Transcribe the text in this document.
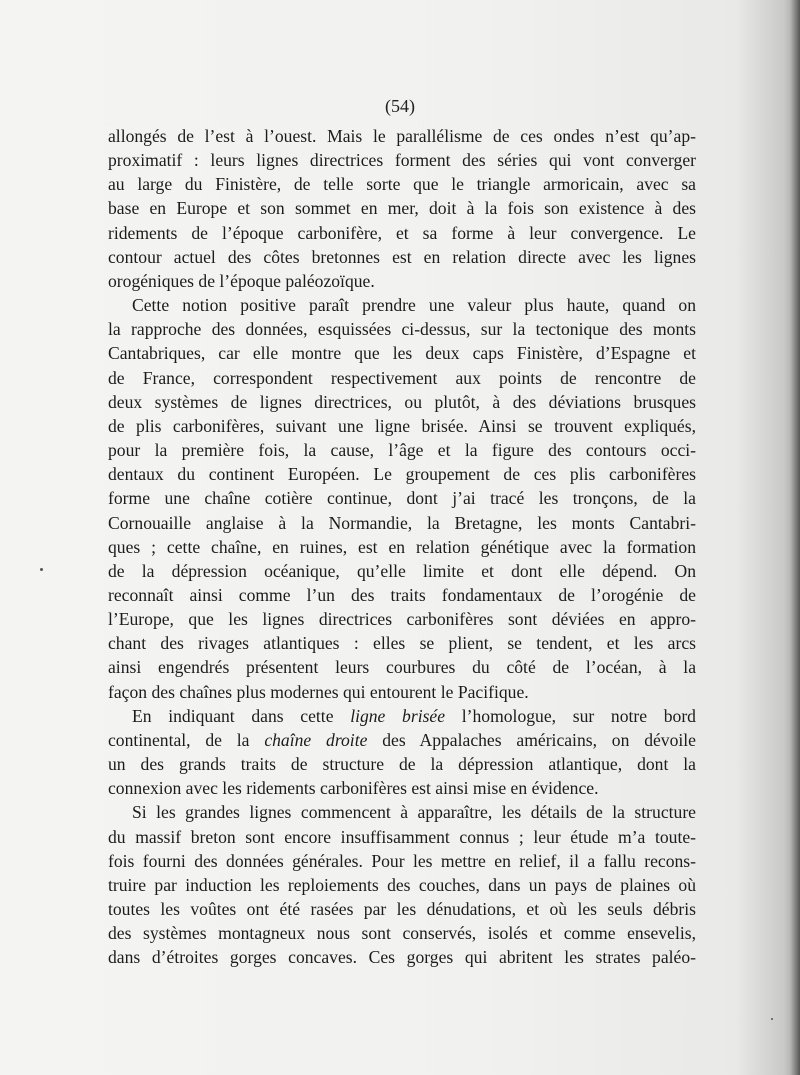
(54)

allongés de l’est à l’ouest. Mais le parallélisme de ces ondes n’est qu’ap-
proximatif : leurs lignes directrices forment des séries qui vont converger
au large du Finistère, de telle sorte que le triangle armoricain, avec sa
base en Europe et son sommet en mer, doit à la fois son existence à des
ridements de l’époque carbonifère, et sa forme à leur convergence. Le
contour actuel des côtes bretonnes est en relation directe avec les lignes
orogéniques de l’époque paléozoïque.

Cette notion positive paraît prendre une valeur plus haute, quand on
la rapproche des données, esquissées ci-dessus, sur la tectonique des monts
Cantabriques, car elle montre que les deux caps Finistère, d’Espagne et
de France, correspondent respectivement aux points de rencontre de
deux systèmes de lignes directrices, ou plutôt, à des déviations brusques
de plis carbonifères, suivant une ligne brisée. Ainsi se trouvent expliqués,
pour la première fois, la cause, l’âge et la figure des contours occi-
dentaux du continent Européen. Le groupement de ces plis carbonifères
forme une chaîne cotière continue, dont j’ai tracé les tronçons, de la
Cornouaille anglaise à la Normandie, la Bretagne, les monts Cantabri-
ques ; cette chaîne, en ruines, est en relation génétique avec la formation
de la dépression océanique, qu’elle limite et dont elle dépend. On
reconnaît ainsi comme l’un des traits fondamentaux de l’orogénie de
l’Europe, que les lignes directrices carbonifères sont déviées en appro-
chant des rivages atlantiques : elles se plient, se tendent, et les arcs
ainsi engendrés présentent leurs courbures du côté de l’océan, à la
façon des chaînes plus modernes qui entourent le Pacifique.

En indiquant dans cette ligne brisée l’homologue, sur notre bord
continental, de la chaîne droite des Appalaches américains, on dévoile
un des grands traits de structure de la dépression atlantique, dont la
connexion avec les ridements carbonifères est ainsi mise en évidence.

Si les grandes lignes commencent à apparaître, les détails de la structure
du massif breton sont encore insuffisamment connus ; leur étude m’a toute-
fois fourni des données générales. Pour les mettre en relief, il a fallu recons-
truire par induction les reploiements des couches, dans un pays de plaines où
toutes les voûtes ont été rasées par les dénudations, et où les seuls débris
des systèmes montagneux nous sont conservés, isolés et comme ensevelis,
dans d’étroites gorges concaves. Ces gorges qui abritent les strates paléo-
